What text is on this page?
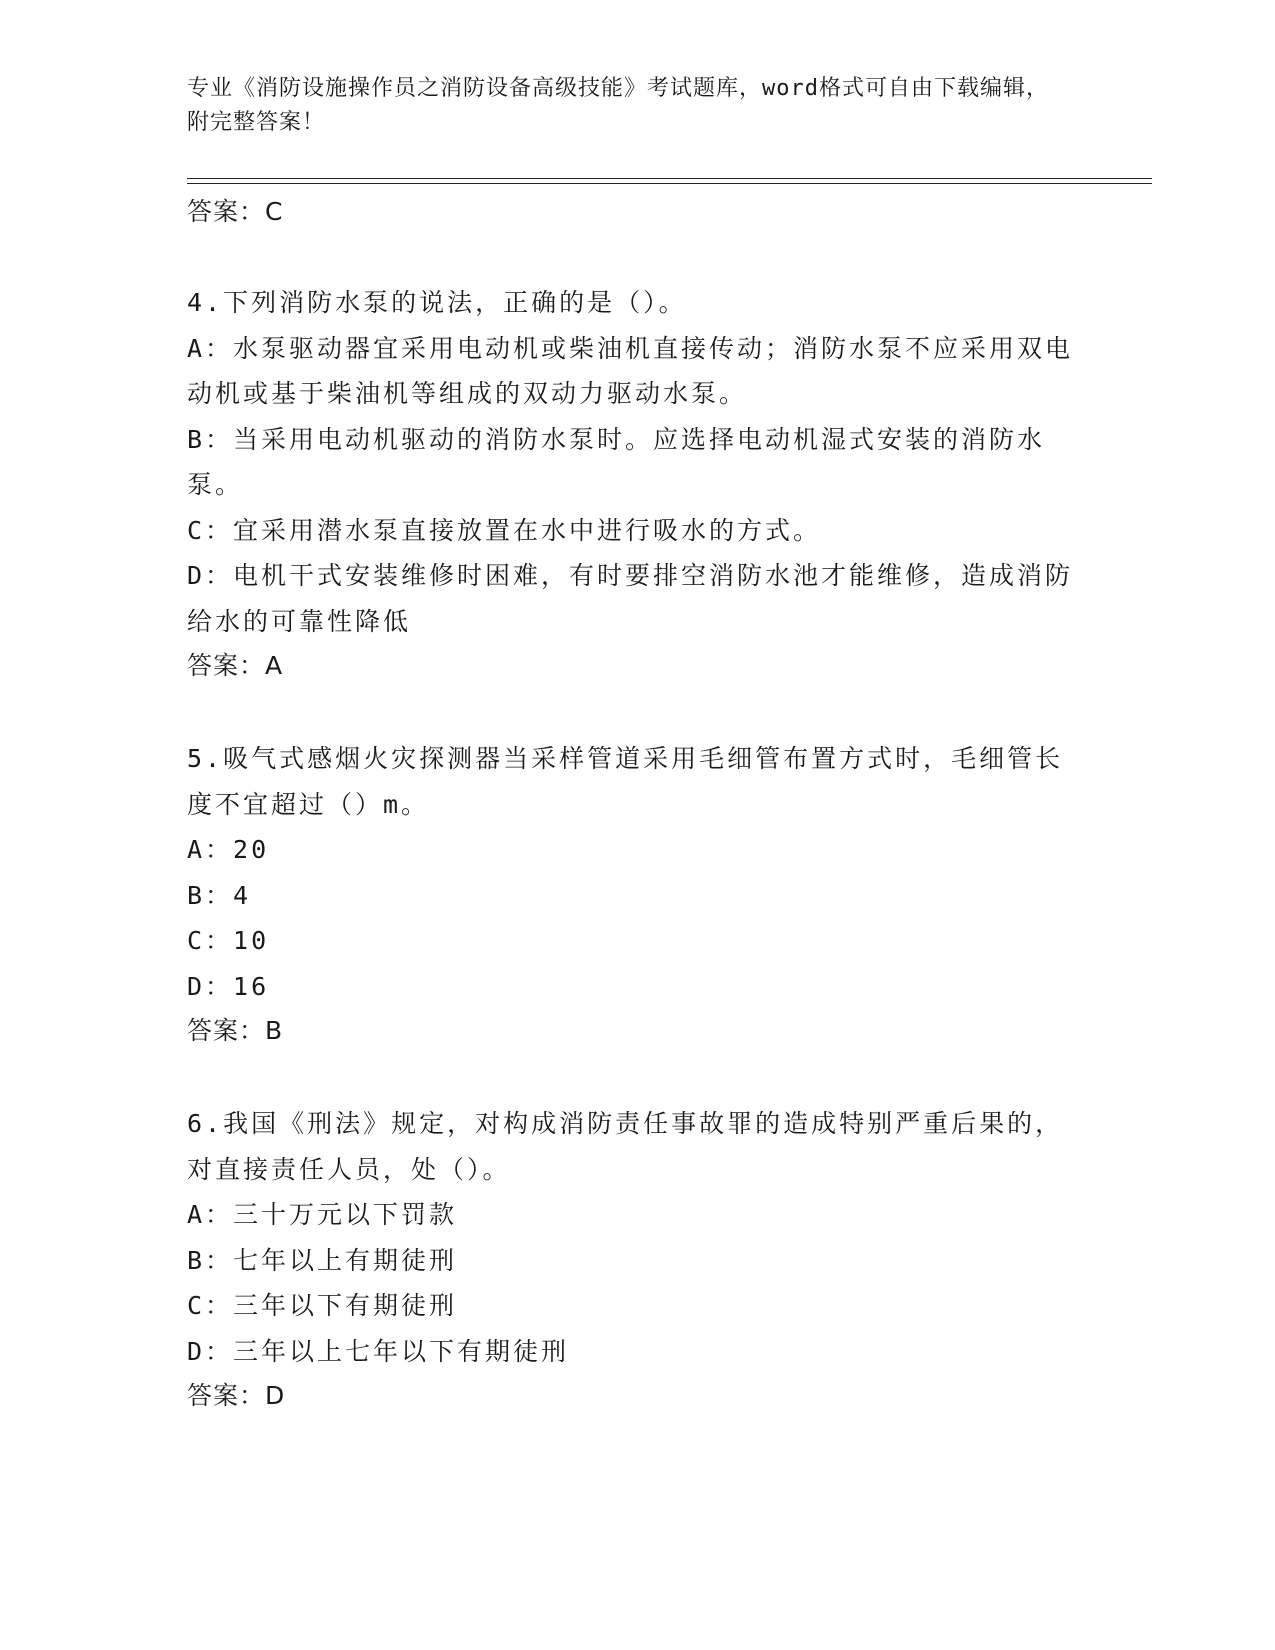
专业《消防设施操作员之消防设备高级技能》考试题库，word格式可自由下载编辑，附完整答案！
答案：C
4.下列消防水泵的说法，正确的是（）。
A：水泵驱动器宜采用电动机或柴油机直接传动；消防水泵不应采用双电动机或基于柴油机等组成的双动力驱动水泵。
B：当采用电动机驱动的消防水泵时。应选择电动机湿式安装的消防水泵。
C：宜采用潜水泵直接放置在水中进行吸水的方式。
D：电机干式安装维修时困难，有时要排空消防水池才能维修，造成消防给水的可靠性降低
答案：A
5.吸气式感烟火灾探测器当采样管道采用毛细管布置方式时，毛细管长度不宜超过（）m。
A：20
B：4
C：10
D：16
答案：B
6.我国《刑法》规定，对构成消防责任事故罪的造成特别严重后果的，对直接责任人员，处（）。
A：三十万元以下罚款
B：七年以上有期徒刑
C：三年以下有期徒刑
D：三年以上七年以下有期徒刑
答案：D
